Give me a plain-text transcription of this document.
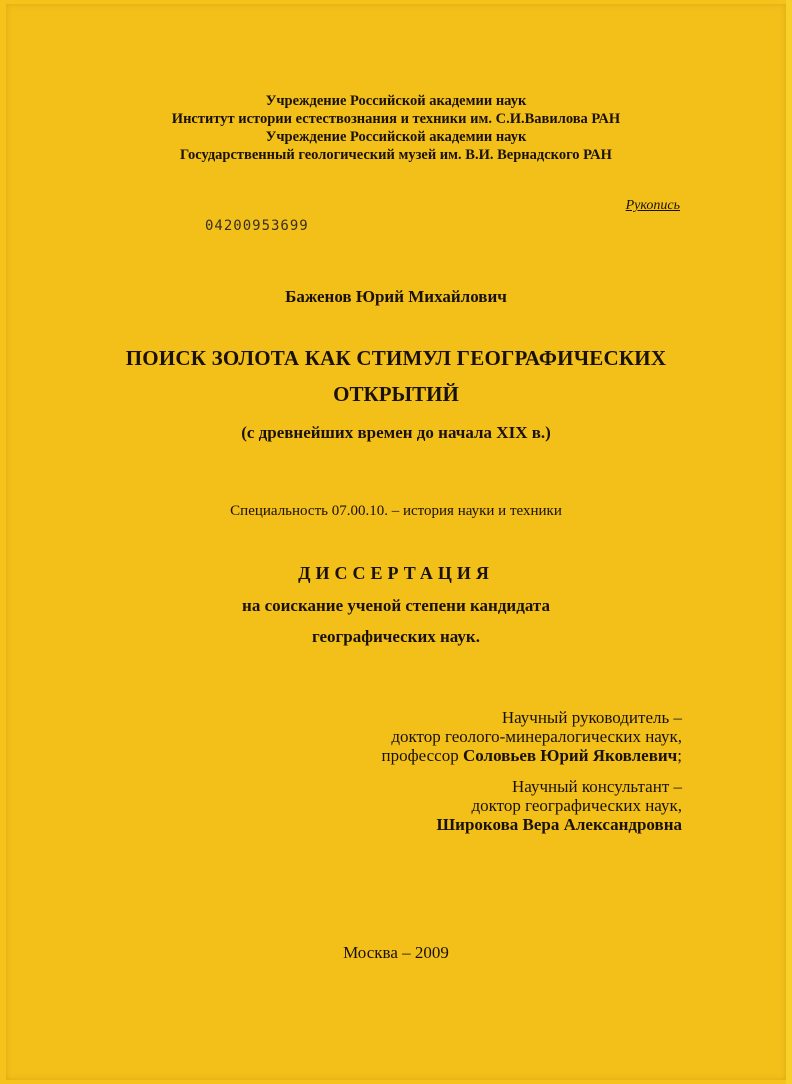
Учреждение Российской академии наук
Институт истории естествознания и техники им. С.И.Вавилова РАН
Учреждение Российской академии наук
Государственный геологический музей им. В.И. Вернадского РАН
Рукопись
04200953699
Баженов Юрий Михайлович
ПОИСК ЗОЛОТА КАК СТИМУЛ ГЕОГРАФИЧЕСКИХ
ОТКРЫТИЙ
(с древнейших времен до начала XIX в.)
Специальность 07.00.10. – история науки и техники
ДИССЕРТАЦИЯ
на соискание ученой степени кандидата
географических наук.
Научный руководитель –
доктор геолого-минералогических наук,
профессор Соловьев Юрий Яковлевич;
Научный консультант –
доктор географических наук,
Широкова Вера Александровна
Москва – 2009
